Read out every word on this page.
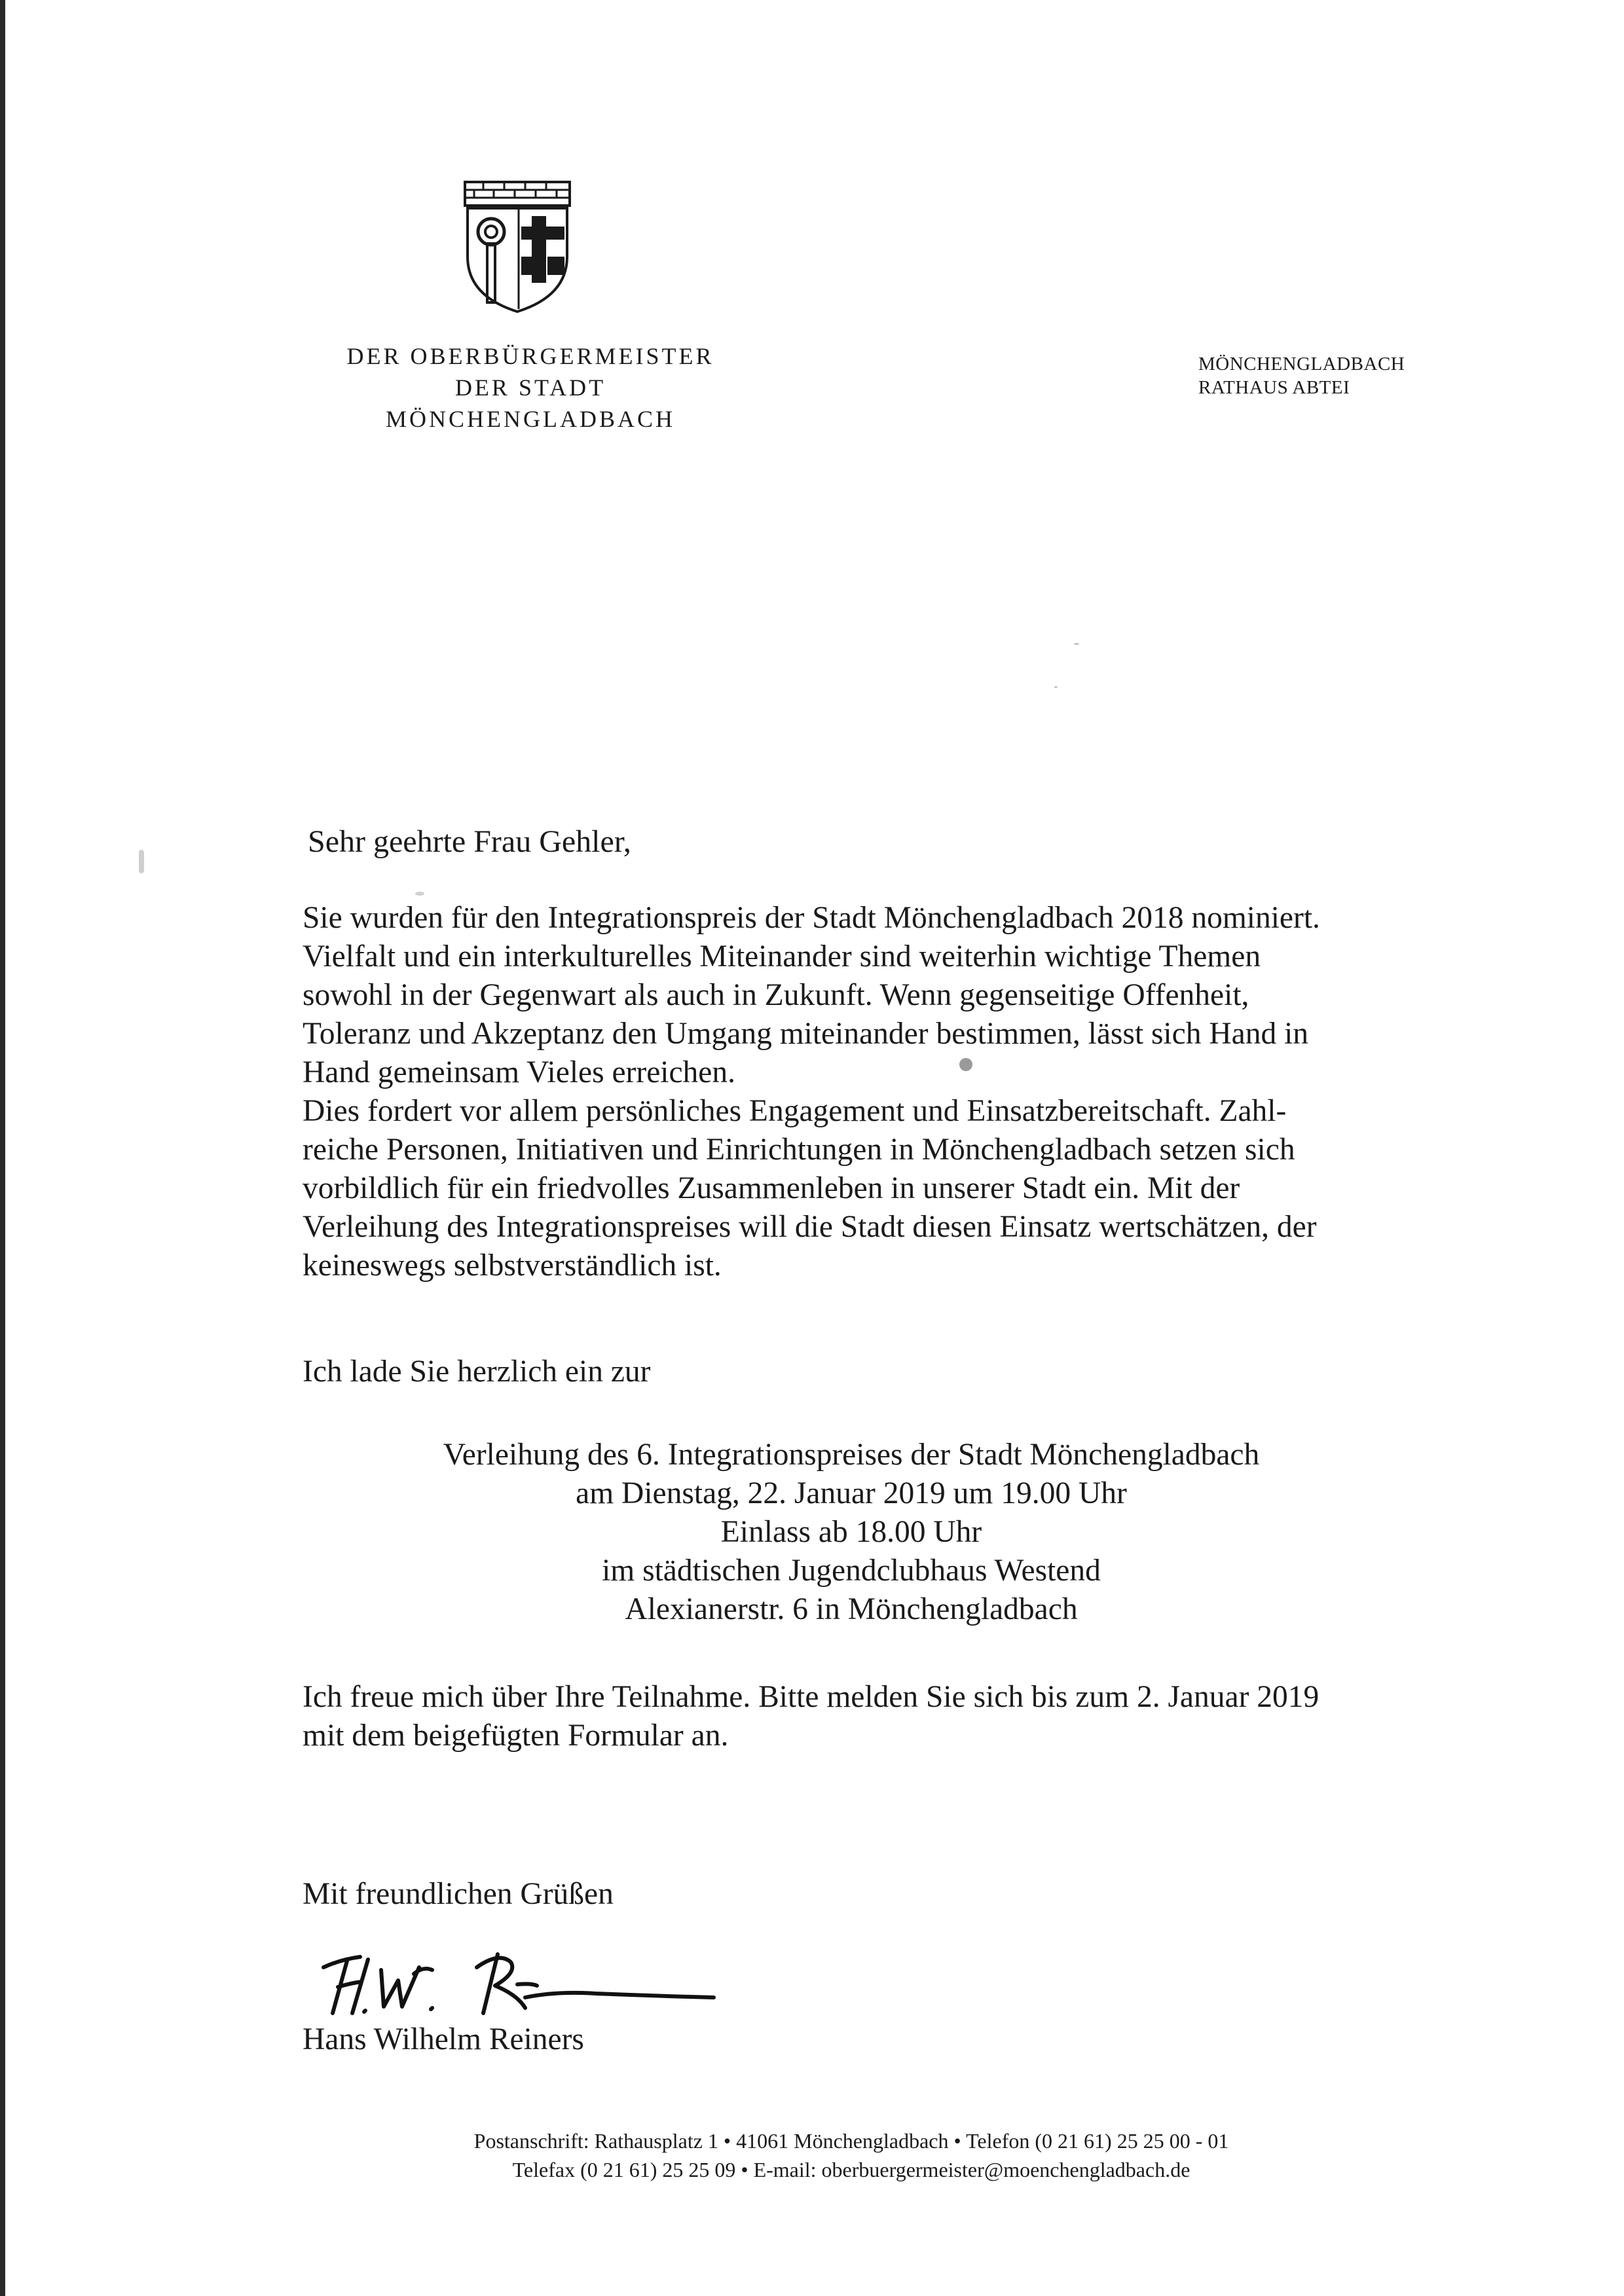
DER OBERBÜRGERMEISTER
DER STADT
MÖNCHENGLADBACH
MÖNCHENGLADBACH
RATHAUS ABTEI
Sehr geehrte Frau Gehler,
Sie wurden für den Integrationspreis der Stadt Mönchengladbach 2018 nominiert.
Vielfalt und ein interkulturelles Miteinander sind weiterhin wichtige Themen
sowohl in der Gegenwart als auch in Zukunft. Wenn gegenseitige Offenheit,
Toleranz und Akzeptanz den Umgang miteinander bestimmen, lässt sich Hand in
Hand gemeinsam Vieles erreichen.
Dies fordert vor allem persönliches Engagement und Einsatzbereitschaft. Zahl-
reiche Personen, Initiativen und Einrichtungen in Mönchengladbach setzen sich
vorbildlich für ein friedvolles Zusammenleben in unserer Stadt ein. Mit der
Verleihung des Integrationspreises will die Stadt diesen Einsatz wertschätzen, der
keineswegs selbstverständlich ist.
Ich lade Sie herzlich ein zur
Verleihung des 6. Integrationspreises der Stadt Mönchengladbach
am Dienstag, 22. Januar 2019 um 19.00 Uhr
Einlass ab 18.00 Uhr
im städtischen Jugendclubhaus Westend
Alexianerstr. 6 in Mönchengladbach
Ich freue mich über Ihre Teilnahme. Bitte melden Sie sich bis zum 2. Januar 2019
mit dem beigefügten Formular an.
Mit freundlichen Grüßen
Hans Wilhelm Reiners
Postanschrift: Rathausplatz 1 • 41061 Mönchengladbach • Telefon (0 21 61) 25 25 00 - 01
Telefax (0 21 61) 25 25 09 • E-mail: oberbuergermeister@moenchengladbach.de
